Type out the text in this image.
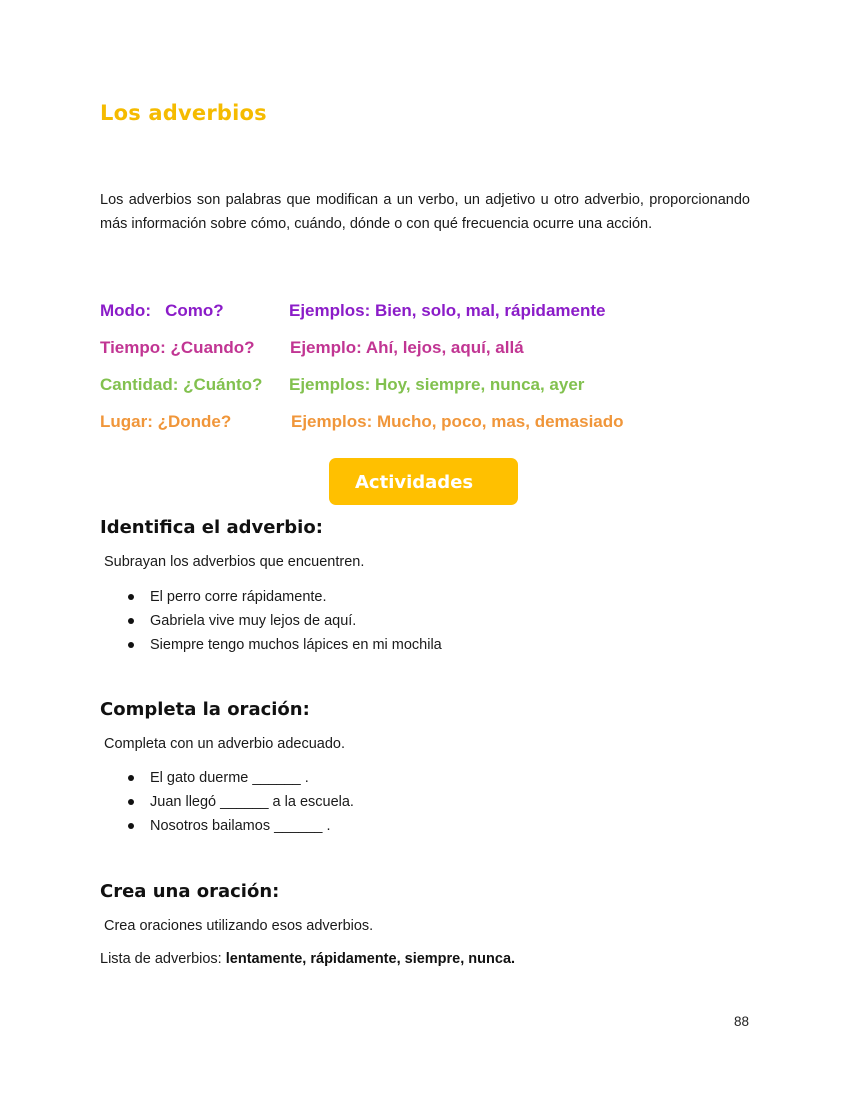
Los adverbios

Los adverbios son palabras que modifican a un verbo, un adjetivo u otro adverbio, proporcionando más información sobre cómo, cuándo, dónde o con qué frecuencia ocurre una acción.

Modo:   Como?	Ejemplos: Bien, solo, mal, rápidamente
Tiempo: ¿Cuando? Ejemplo: Ahí, lejos, aquí, allá
Cantidad: ¿Cuánto? Ejemplos: Hoy, siempre, nunca, ayer
Lugar: ¿Donde?	Ejemplos: Mucho, poco, mas, demasiado
Actividades
Identifica el adverbio:

Subrayan los adverbios que encuentren.

El perro corre rápidamente.
Gabriela vive muy lejos de aquí.
Siempre tengo muchos lápices en mi mochila
Completa la oración:

Completa con un adverbio adecuado.

El gato duerme ______ .
Juan llegó ______ a la escuela.
Nosotros bailamos ______ .
Crea una oración:

Crea oraciones utilizando esos adverbios.

Lista de adverbios: lentamente, rápidamente, siempre, nunca.

88
